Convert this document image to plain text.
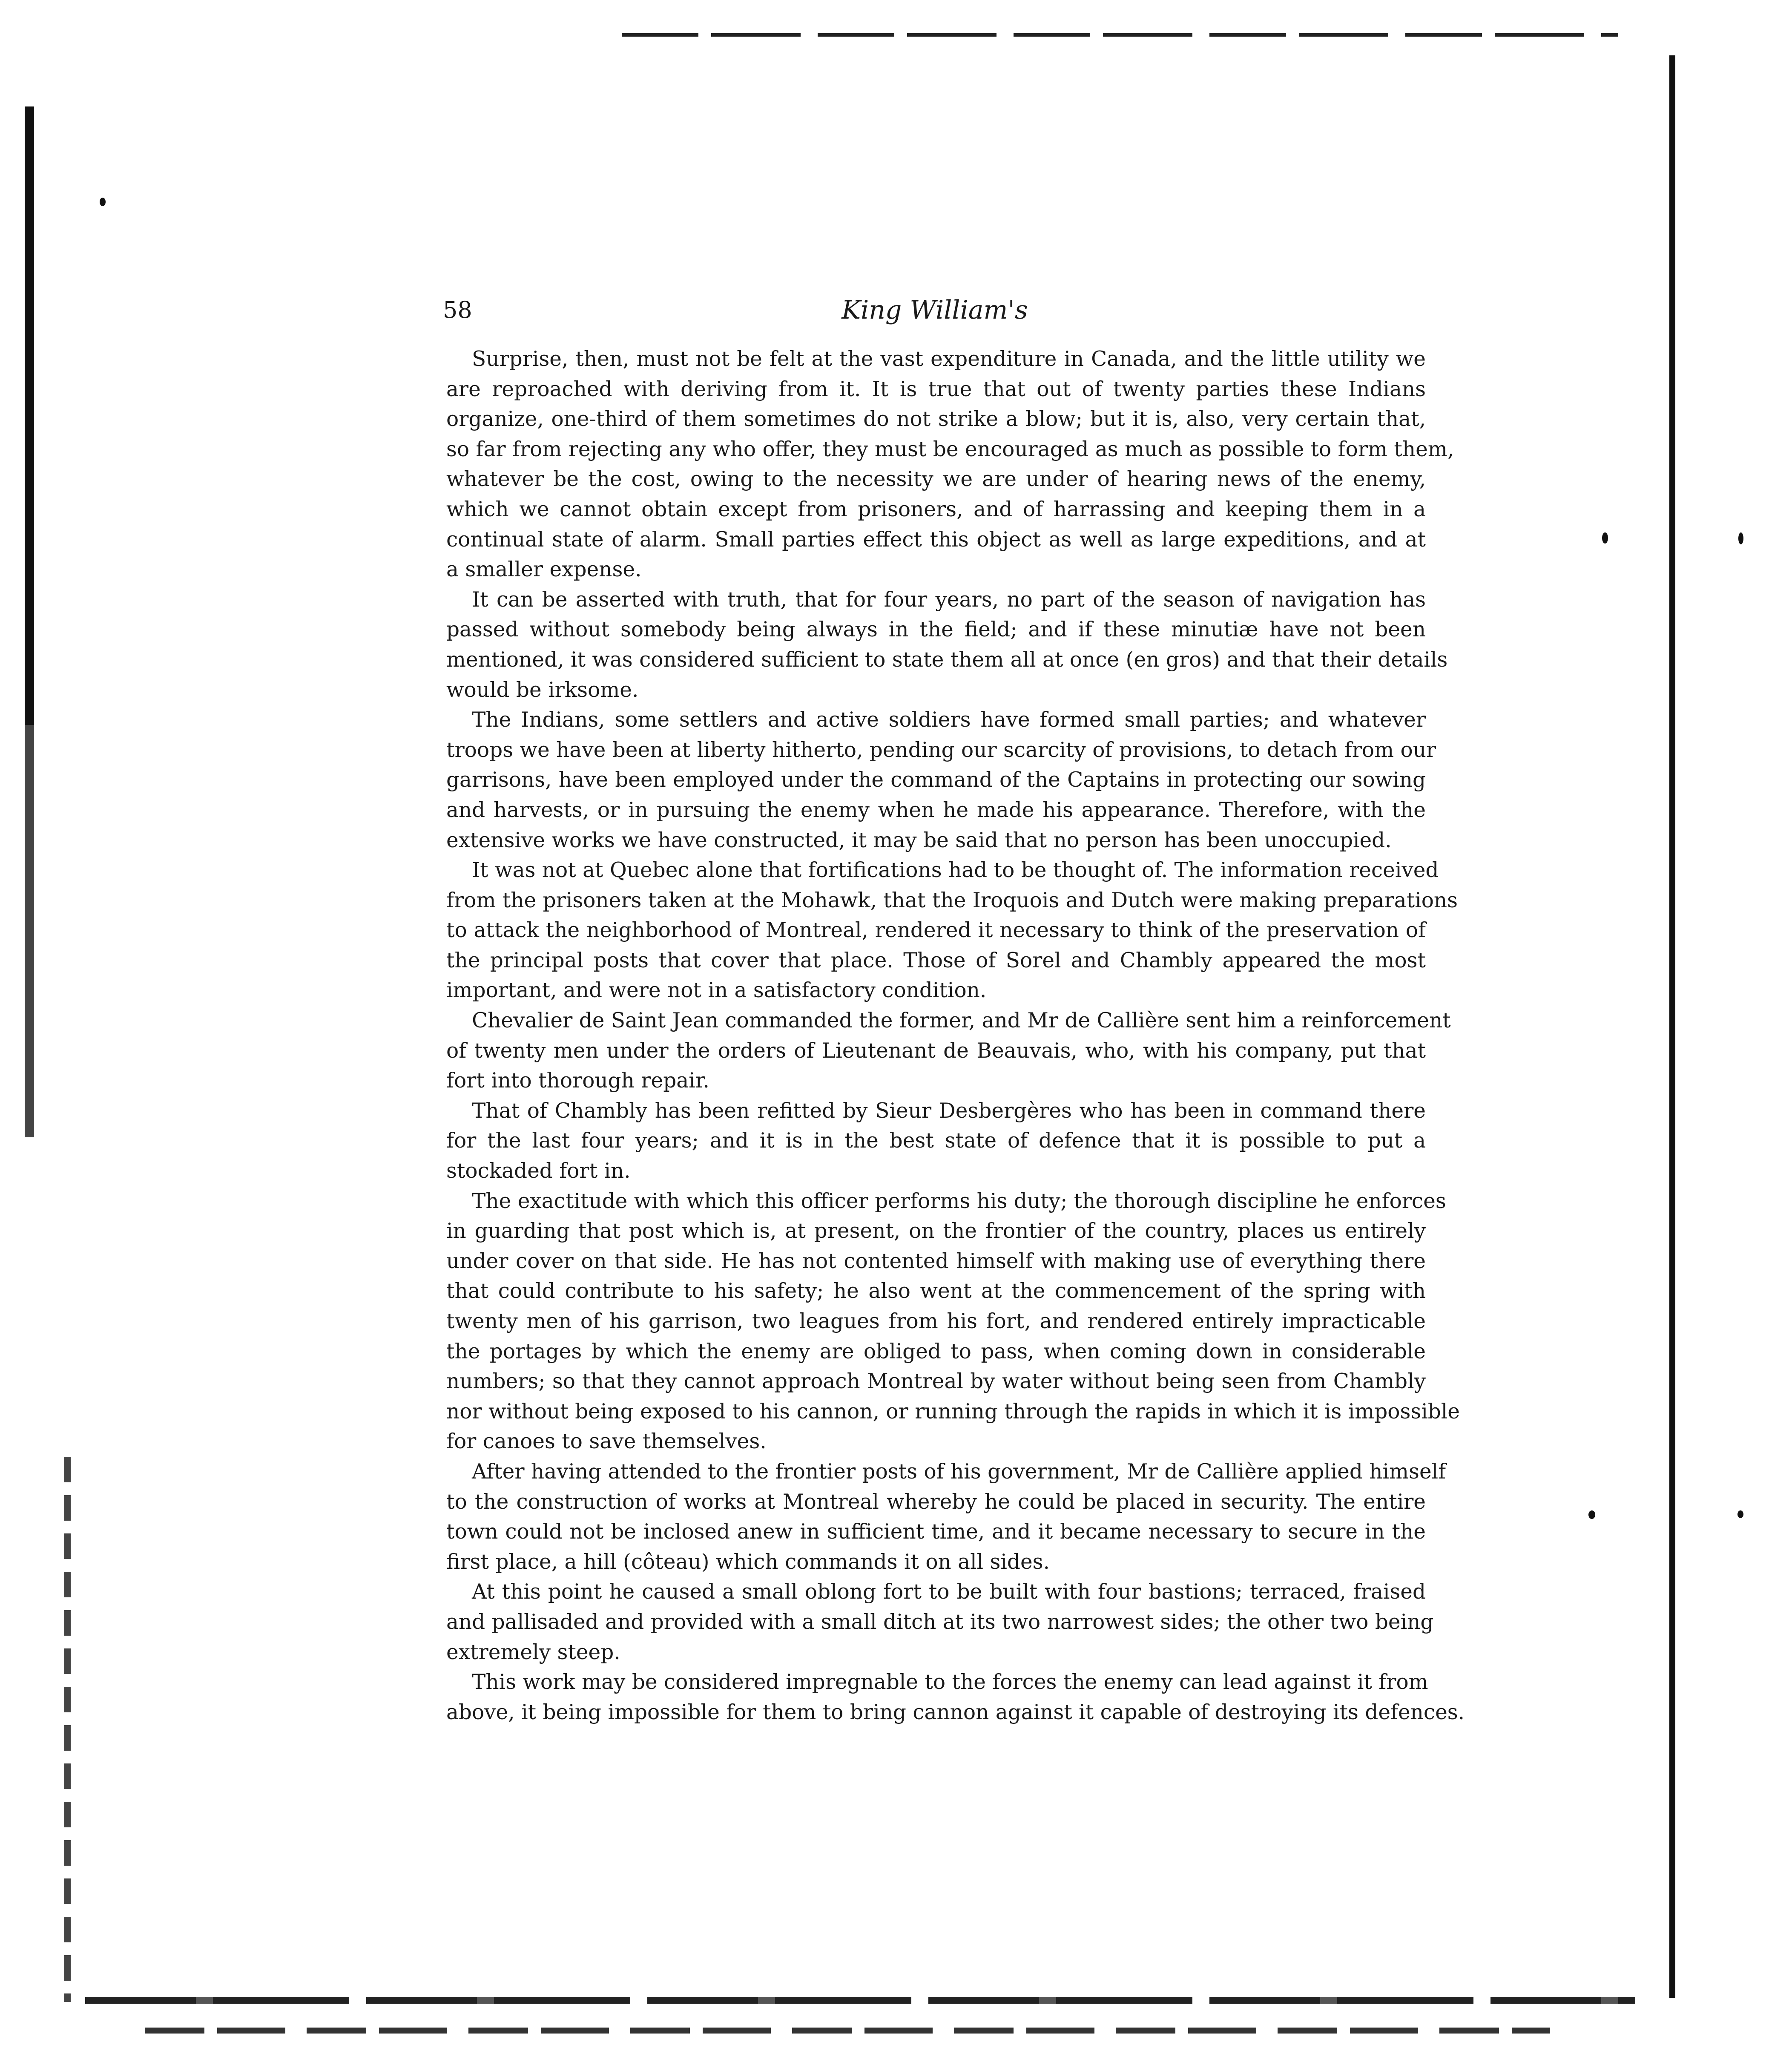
58	King William's
Surprise, then, must not be felt at the vast expenditure in Canada, and the little utility we
are reproached with deriving from it. It is true that out of twenty parties these Indians
organize, one-third of them sometimes do not strike a blow; but it is, also, very certain that,
so far from rejecting any who offer, they must be encouraged as much as possible to form them,
whatever be the cost, owing to the necessity we are under of hearing news of the enemy,
which we cannot obtain except from prisoners, and of harrassing and keeping them in a
continual state of alarm. Small parties effect this object as well as large expeditions, and at
a smaller expense.
It can be asserted with truth, that for four years, no part of the season of navigation has
passed without somebody being always in the field; and if these minutiæ have not been
mentioned, it was considered sufficient to state them all at once (en gros) and that their details
would be irksome.
The Indians, some settlers and active soldiers have formed small parties; and whatever
troops we have been at liberty hitherto, pending our scarcity of provisions, to detach from our
garrisons, have been employed under the command of the Captains in protecting our sowing
and harvests, or in pursuing the enemy when he made his appearance. Therefore, with the
extensive works we have constructed, it may be said that no person has been unoccupied.
It was not at Quebec alone that fortifications had to be thought of. The information received
from the prisoners taken at the Mohawk, that the Iroquois and Dutch were making preparations
to attack the neighborhood of Montreal, rendered it necessary to think of the preservation of
the principal posts that cover that place. Those of Sorel and Chambly appeared the most
important, and were not in a satisfactory condition.
Chevalier de Saint Jean commanded the former, and Mr de Callière sent him a reinforcement
of twenty men under the orders of Lieutenant de Beauvais, who, with his company, put that
fort into thorough repair.
That of Chambly has been refitted by Sieur Desbergères who has been in command there
for the last four years; and it is in the best state of defence that it is possible to put a
stockaded fort in.
The exactitude with which this officer performs his duty; the thorough discipline he enforces
in guarding that post which is, at present, on the frontier of the country, places us entirely
under cover on that side. He has not contented himself with making use of everything there
that could contribute to his safety; he also went at the commencement of the spring with
twenty men of his garrison, two leagues from his fort, and rendered entirely impracticable
the portages by which the enemy are obliged to pass, when coming down in considerable
numbers; so that they cannot approach Montreal by water without being seen from Chambly
nor without being exposed to his cannon, or running through the rapids in which it is impossible
for canoes to save themselves.
After having attended to the frontier posts of his government, Mr de Callière applied himself
to the construction of works at Montreal whereby he could be placed in security. The entire
town could not be inclosed anew in sufficient time, and it became necessary to secure in the
first place, a hill (côteau) which commands it on all sides.
At this point he caused a small oblong fort to be built with four bastions; terraced, fraised
and pallisaded and provided with a small ditch at its two narrowest sides; the other two being
extremely steep.
This work may be considered impregnable to the forces the enemy can lead against it from
above, it being impossible for them to bring cannon against it capable of destroying its defences.
